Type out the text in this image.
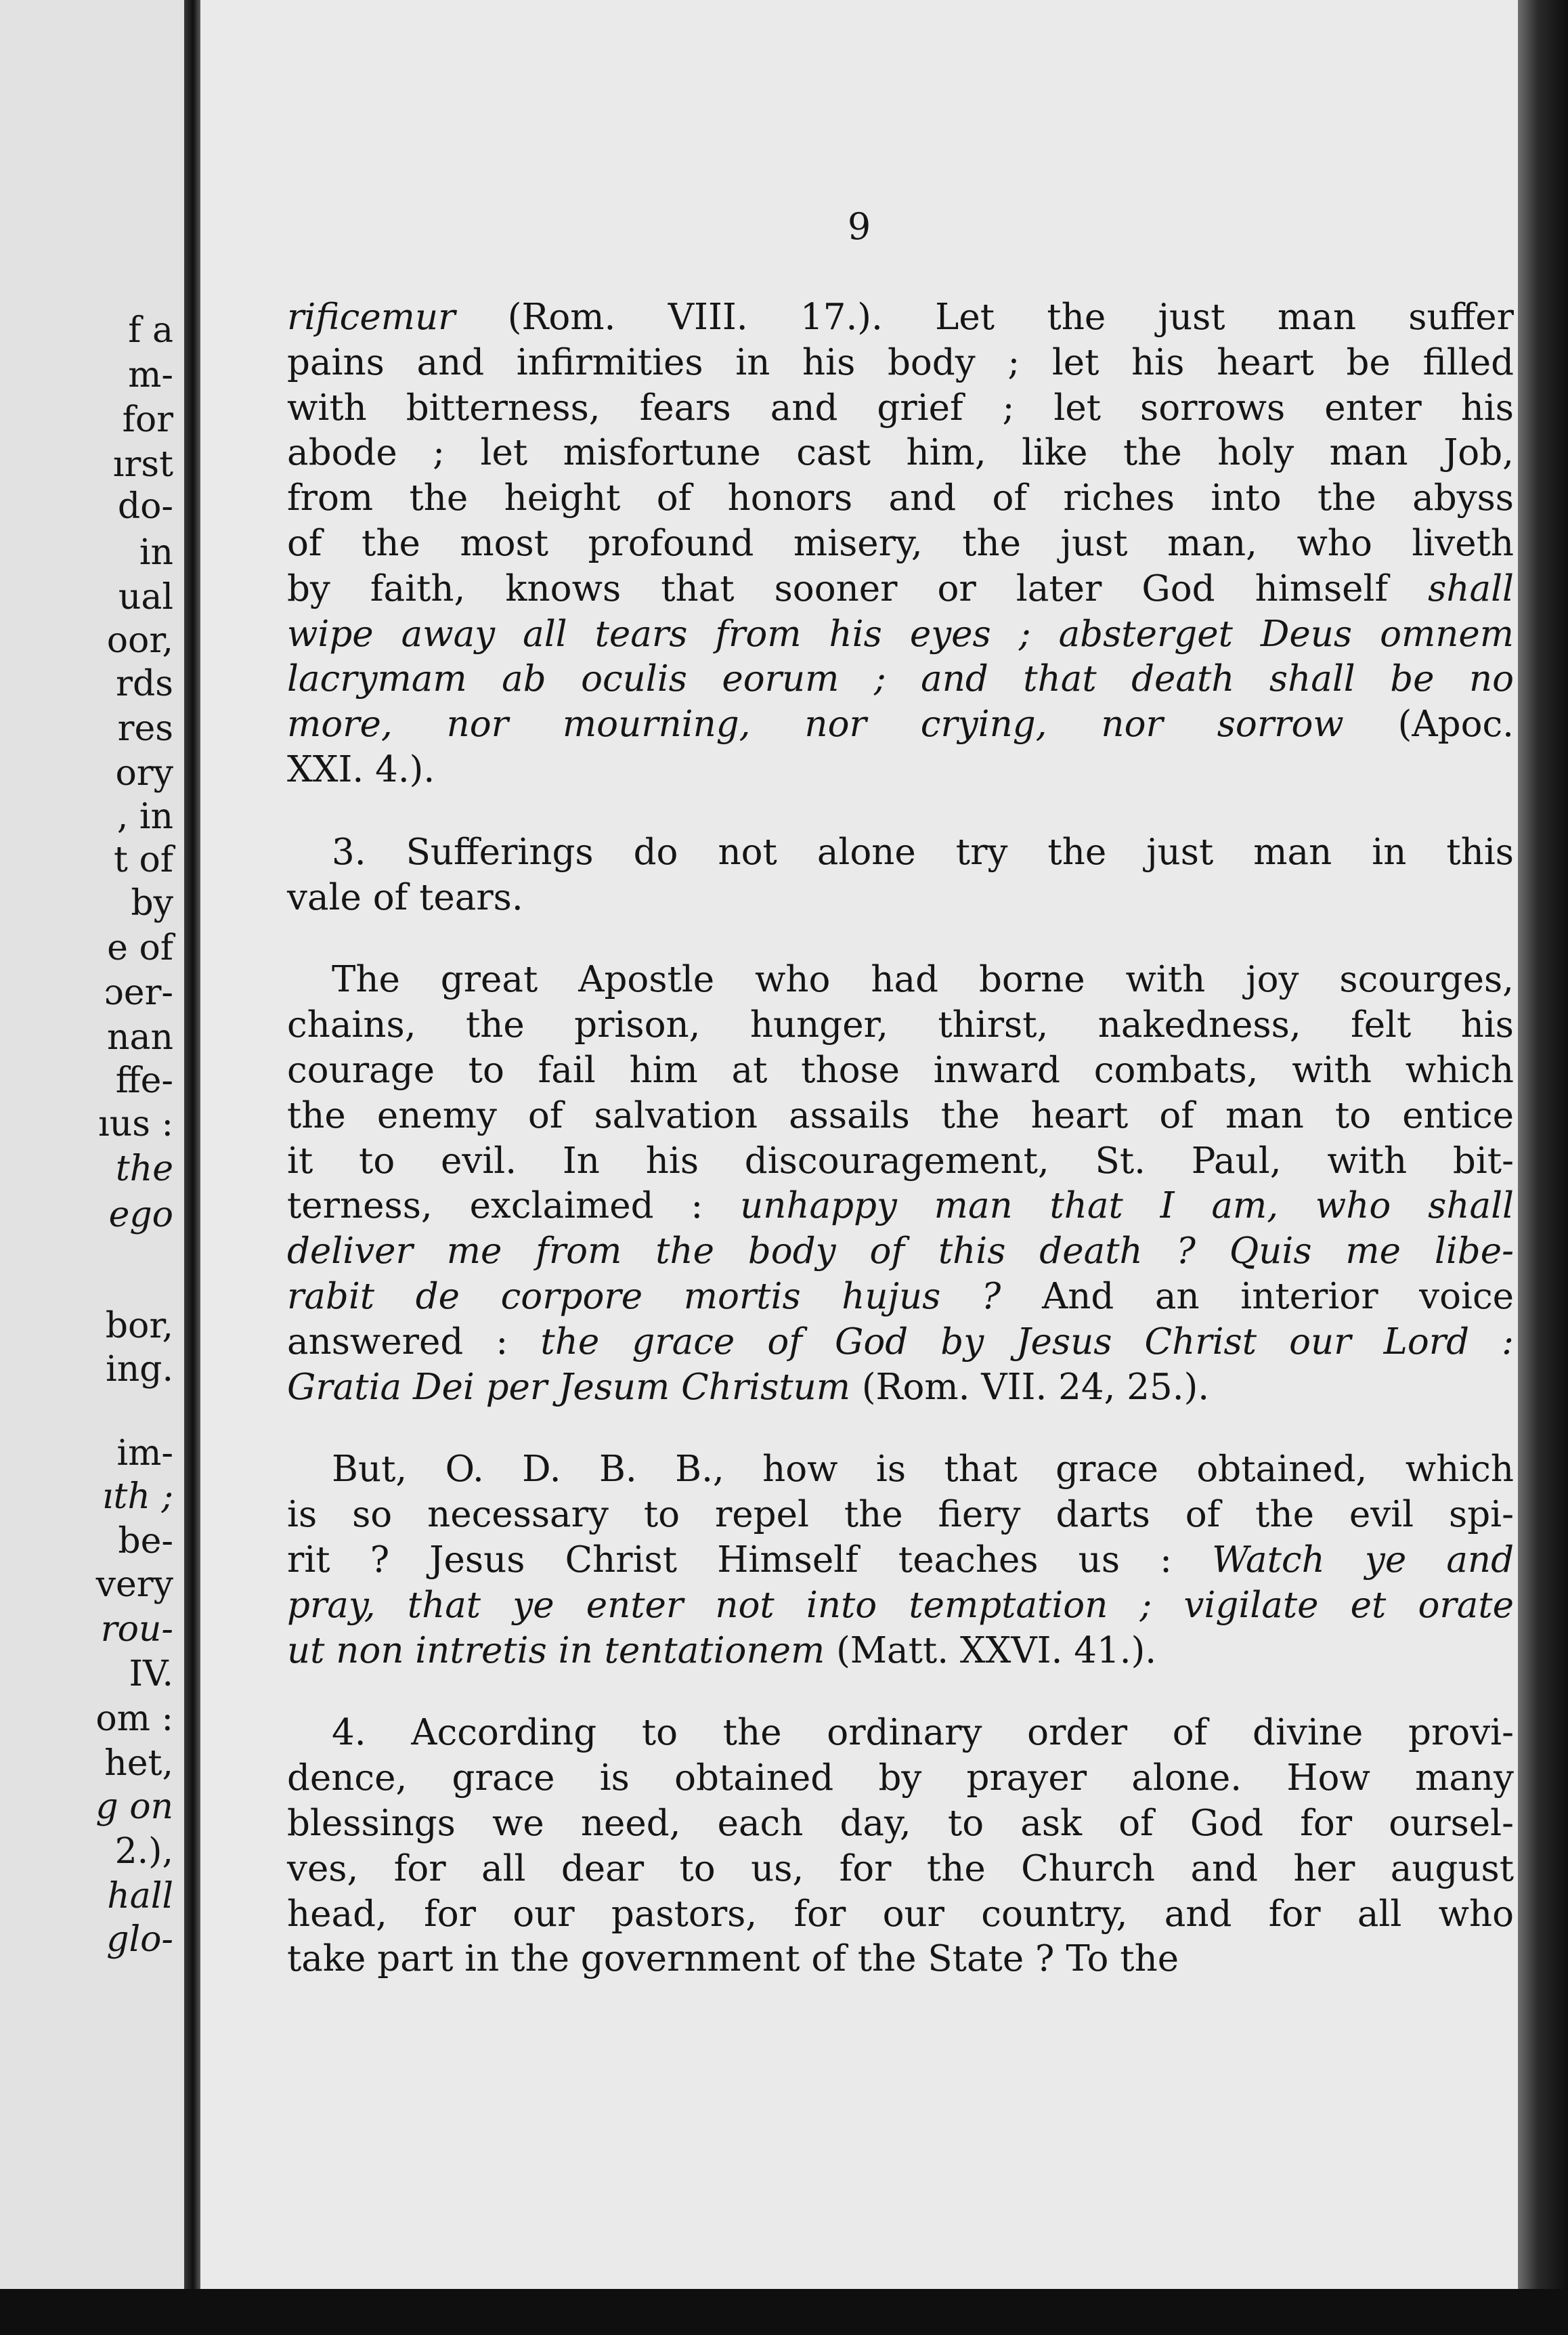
f a
m-
for
ırst
do-
in
ual
oor,
rds
res
ory
, in
t of
by
e of
ɔer-
nan
ffe-
ıus :
the
ego
bor,
ing.
im-
ıth ;
be-
very
rou-
IV.
om :
het,
g on
2.),
hall
glo-
9
rificemur (Rom. VIII. 17.). Let the just man suffer
pains and infirmities in his body ; let his heart be filled
with bitterness, fears and grief ; let sorrows enter his
abode ; let misfortune cast him, like the holy man Job,
from the height of honors and of riches into the abyss
of the most profound misery, the just man, who liveth
by faith, knows that sooner or later God himself shall
wipe away all tears from his eyes ; absterget Deus omnem
lacrymam ab oculis eorum ; and that death shall be no
more, nor mourning, nor crying, nor sorrow (Apoc.
XXI. 4.).
3. Sufferings do not alone try the just man in this
vale of tears.
The great Apostle who had borne with joy scourges,
chains, the prison, hunger, thirst, nakedness, felt his
courage to fail him at those inward combats, with which
the enemy of salvation assails the heart of man to entice
it to evil. In his discouragement, St. Paul, with bit-
terness, exclaimed : unhappy man that I am, who shall
deliver me from the body of this death ? Quis me libe-
rabit de corpore mortis hujus ? And an interior voice
answered : the grace of God by Jesus Christ our Lord :
Gratia Dei per Jesum Christum (Rom. VII. 24, 25.).
But, O. D. B. B., how is that grace obtained, which
is so necessary to repel the fiery darts of the evil spi-
rit ? Jesus Christ Himself teaches us : Watch ye and
pray, that ye enter not into temptation ; vigilate et orate
ut non intretis in tentationem (Matt. XXVI. 41.).
4. According to the ordinary order of divine provi-
dence, grace is obtained by prayer alone. How many
blessings we need, each day, to ask of God for oursel-
ves, for all dear to us, for the Church and her august
head, for our pastors, for our country, and for all who
take part in the government of the State ? To the
